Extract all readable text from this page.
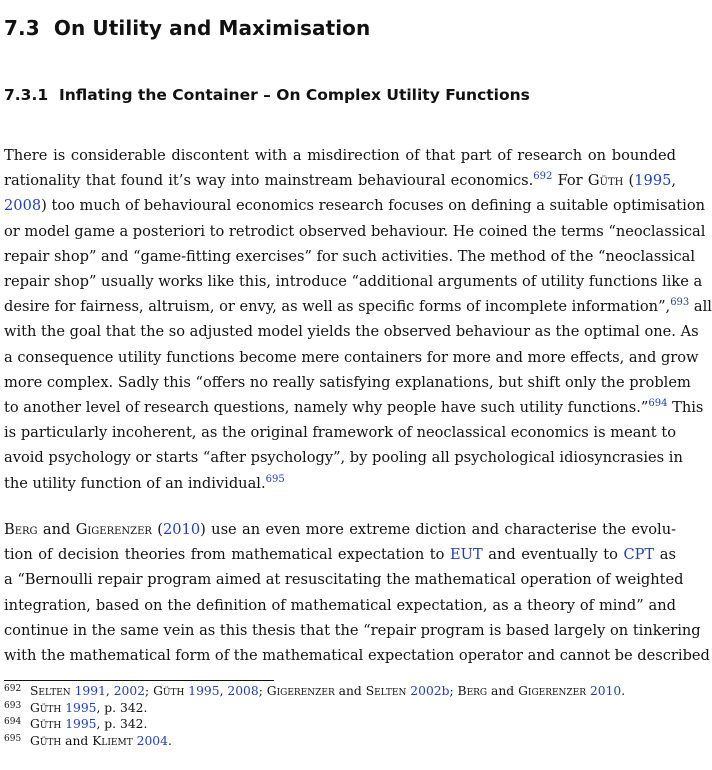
7.3 On Utility and Maximisation
7.3.1 Inflating the Container – On Complex Utility Functions
There is considerable discontent with a misdirection of that part of research on bounded
rationality that found it’s way into mainstream behavioural economics.$^{692}$ For Güth (1995,
2008) too much of behavioural economics research focuses on defining a suitable optimisation
or model game a posteriori to retrodict observed behaviour. He coined the terms “neoclassical
repair shop” and “game-fitting exercises” for such activities. The method of the “neoclassical
repair shop” usually works like this, introduce “additional arguments of utility functions like a
desire for fairness, altruism, or envy, as well as specific forms of incomplete information”,$^{693}$ all
with the goal that the so adjusted model yields the observed behaviour as the optimal one. As
a consequence utility functions become mere containers for more and more effects, and grow
more complex. Sadly this “offers no really satisfying explanations, but shift only the problem
to another level of research questions, namely why people have such utility functions.”$^{694}$ This
is particularly incoherent, as the original framework of neoclassical economics is meant to
avoid psychology or starts “after psychology”, by pooling all psychological idiosyncrasies in
the utility function of an individual.$^{695}$
Berg and Gigerenzer (2010) use an even more extreme diction and characterise the evolu-
tion of decision theories from mathematical expectation to EUT and eventually to CPT as
a “Bernoulli repair program aimed at resuscitating the mathematical operation of weighted
integration, based on the definition of mathematical expectation, as a theory of mind” and
continue in the same vein as this thesis that the “repair program is based largely on tinkering
with the mathematical form of the mathematical expectation operator and cannot be described
692 Selten 1991, 2002; Güth 1995, 2008; Gigerenzer and Selten 2002b; Berg and Gigerenzer 2010.
693 Güth 1995, p. 342.
694 Güth 1995, p. 342.
695 Güth and Kliemt 2004.
